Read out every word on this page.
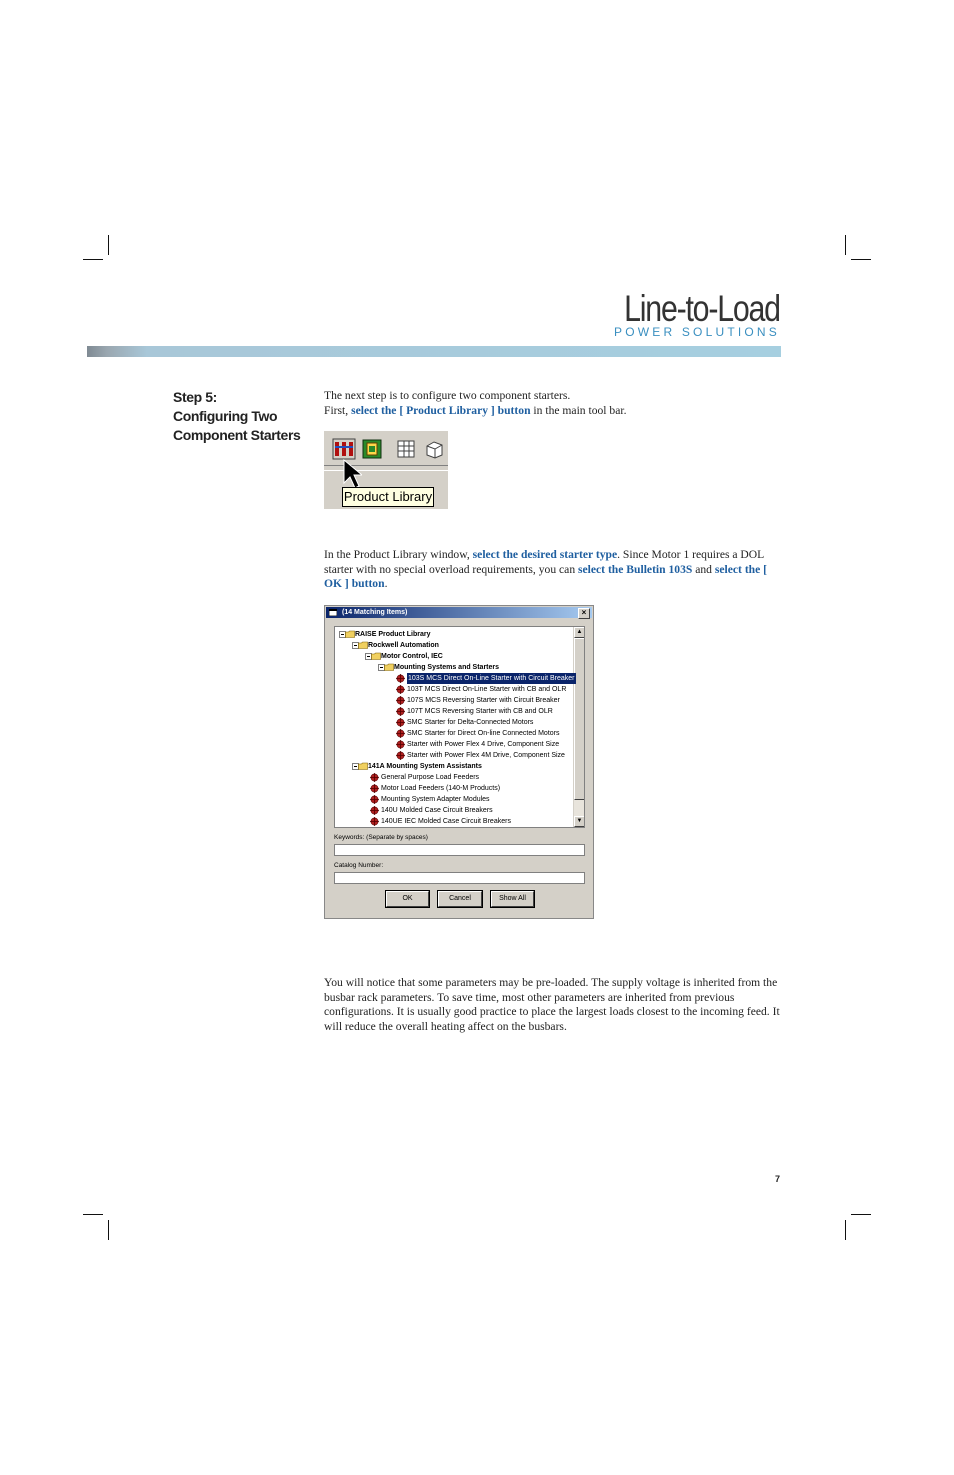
Line-to-Load
POWER SOLUTIONS
Step 5:
Configuring Two
Component Starters
The next step is to configure two component starters.
First, select the [ Product Library ] button in the main tool bar.
Product Library
In the Product Library window, select the desired starter type. Since Motor 1 requires a DOL starter with no special overload requirements, you can select the Bulletin 103S and select the [ OK ] button.
(14 Matching Items)	×
▲
▼
RAISE Product Library
Rockwell Automation
Motor Control, IEC
Mounting Systems and Starters
103S MCS Direct On-Line Starter with Circuit Breaker
103T MCS Direct On-Line Starter with CB and OLR
107S MCS Reversing Starter with Circuit Breaker
107T MCS Reversing Starter with CB and OLR
SMC Starter for Delta-Connected Motors
SMC Starter for Direct On-line Connected Motors
Starter with Power Flex 4 Drive, Component Size
Starter with Power Flex 4M Drive, Component Size
141A Mounting System Assistants
General Purpose Load Feeders
Motor Load Feeders (140-M Products)
Mounting System Adapter Modules
140U Molded Case Circuit Breakers
140UE IEC Molded Case Circuit Breakers
Keywords: (Separate by spaces)
Catalog Number:
OK	Cancel	Show All
You will notice that some parameters may be pre-loaded. The supply voltage is inherited from the busbar rack parameters. To save time, most other parameters are inherited from previous configurations. It is usually good practice to place the largest loads closest to the incoming feed. It will reduce the overall heating affect on the busbars.
7
